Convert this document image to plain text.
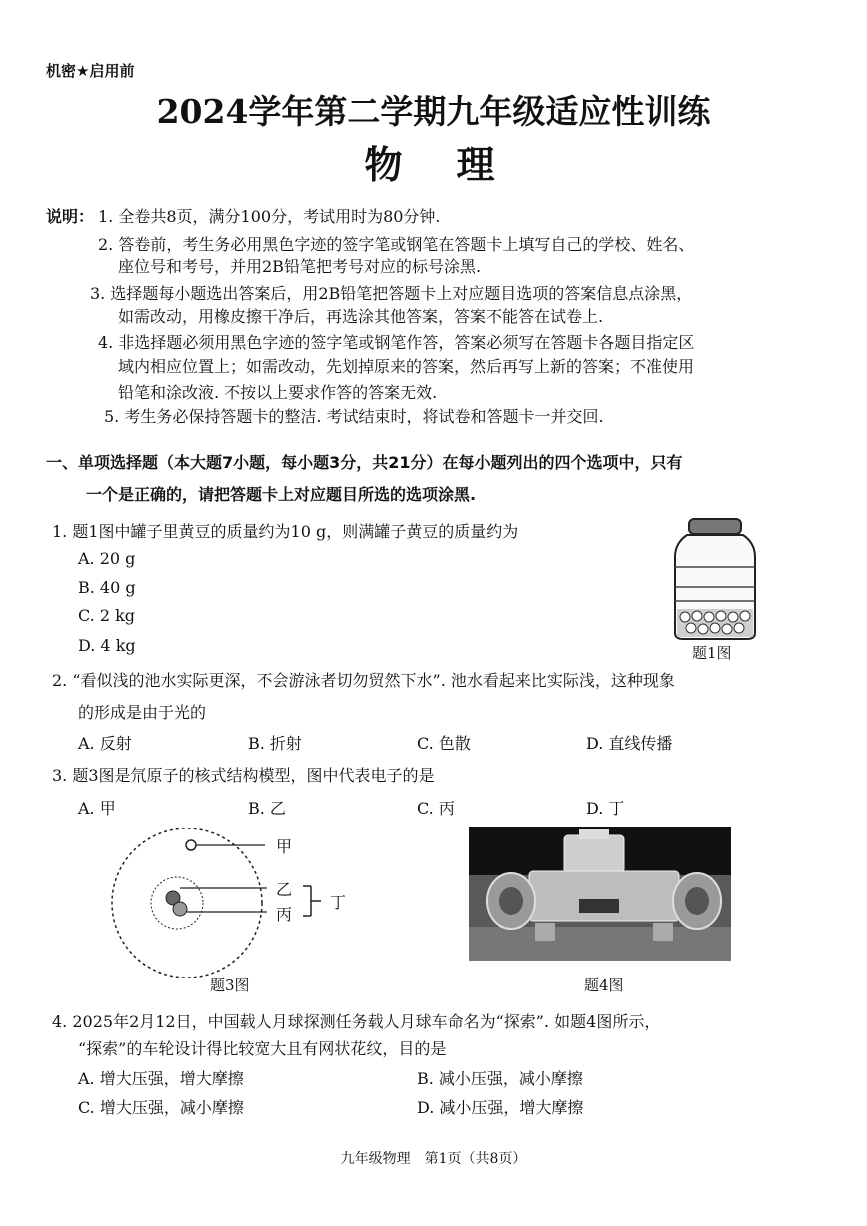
机密★启用前
2024学年第二学期九年级适应性训练
物　理
说明： 1. 全卷共8页，满分100分，考试用时为80分钟.
2. 答卷前，考生务必用黑色字迹的签字笔或钢笔在答题卡上填写自己的学校、姓名、
座位号和考号，并用2B铅笔把考号对应的标号涂黑.
3. 选择题每小题选出答案后，用2B铅笔把答题卡上对应题目选项的答案信息点涂黑，
如需改动，用橡皮擦干净后，再选涂其他答案，答案不能答在试卷上.
4. 非选择题必须用黑色字迹的签字笔或钢笔作答，答案必须写在答题卡各题目指定区
域内相应位置上；如需改动，先划掉原来的答案，然后再写上新的答案；不准使用
铅笔和涂改液. 不按以上要求作答的答案无效.
5. 考生务必保持答题卡的整洁. 考试结束时，将试卷和答题卡一并交回.
一、单项选择题（本大题7小题，每小题3分，共21分）在每小题列出的四个选项中，只有
一个是正确的，请把答题卡上对应题目所选的选项涂黑.
1. 题1图中罐子里黄豆的质量约为10 g，则满罐子黄豆的质量约为
A. 20 g
B. 40 g
C. 2 kg
D. 4 kg	题1图
2. “看似浅的池水实际更深，不会游泳者切勿贸然下水”. 池水看起来比实际浅，这种现象
的形成是由于光的
A. 反射	B. 折射	C. 色散	D. 直线传播
3. 题3图是氘原子的核式结构模型，图中代表电子的是
A. 甲	B. 乙	C. 丙	D. 丁
甲
乙
丙
丁
题3图	题4图
4. 2025年2月12日，中国载人月球探测任务载人月球车命名为“探索”. 如题4图所示，
“探索”的车轮设计得比较宽大且有网状花纹，目的是
A. 增大压强，增大摩擦	B. 减小压强，减小摩擦
C. 增大压强，减小摩擦	D. 减小压强，增大摩擦
九年级物理　第1页（共8页）
